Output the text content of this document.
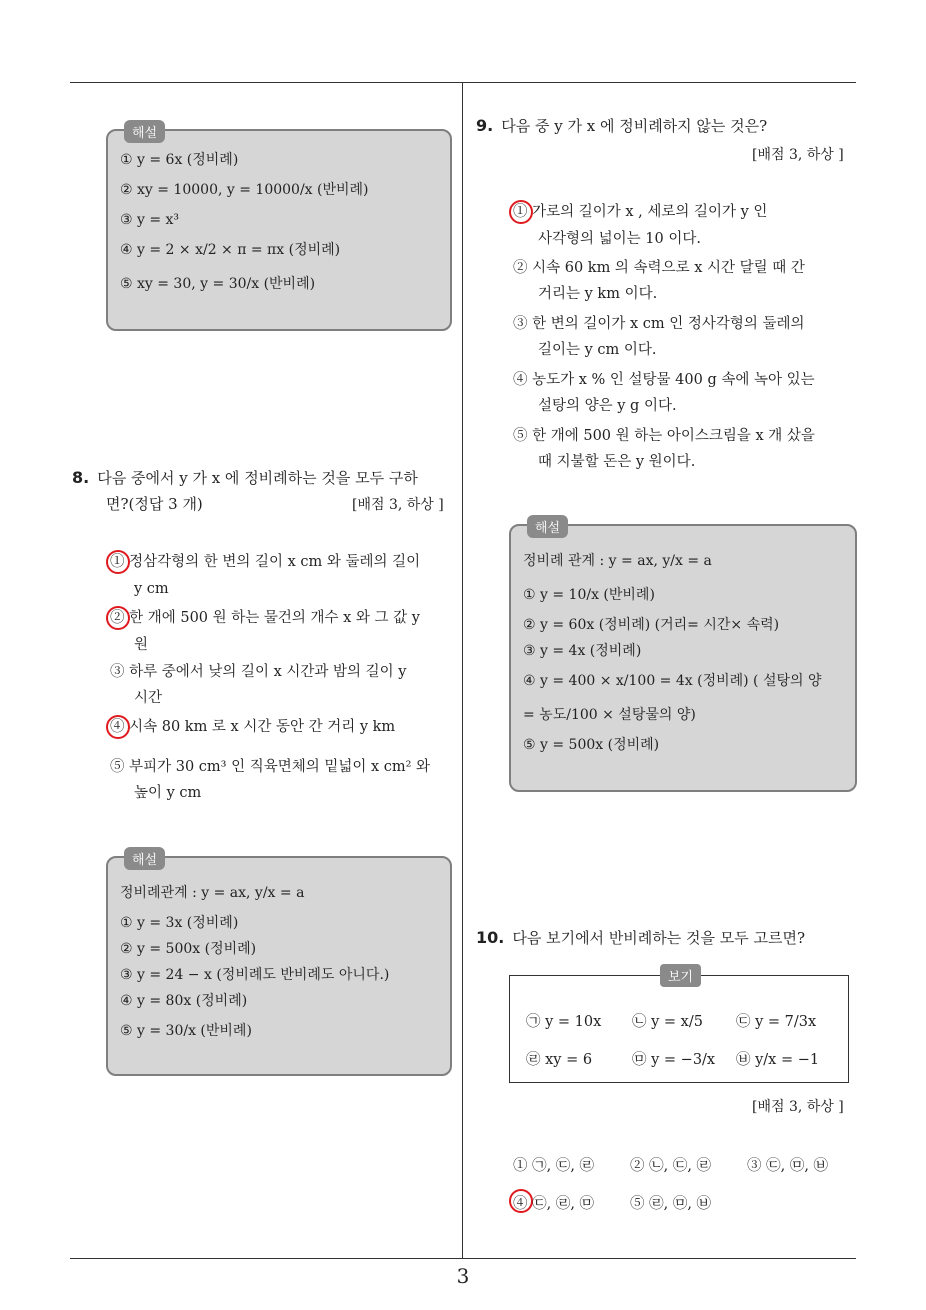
해설
① y = 6x (정비례)
② xy = 10000, y = 10000/x (반비례)
③ y = x³
④ y = 2 × x/2 × π = πx (정비례)
⑤ xy = 30, y = 30/x (반비례)
8. 다음 중에서 y 가 x 에 정비례하는 것을 모두 구하
면?(정답 3 개)	[배점 3, 하상 ]
① 정삼각형의 한 변의 길이 x cm 와 둘레의 길이
y cm
② 한 개에 500 원 하는 물건의 개수 x 와 그 값 y
원
③ 하루 중에서 낮의 길이 x 시간과 밤의 길이 y
시간
④ 시속 80 km 로 x 시간 동안 간 거리 y km
⑤ 부피가 30 cm³ 인 직육면체의 밑넓이 x cm² 와
높이 y cm
해설
정비례관계 : y = ax, y/x = a
① y = 3x (정비례)
② y = 500x (정비례)
③ y = 24 − x (정비례도 반비례도 아니다.)
④ y = 80x (정비례)
⑤ y = 30/x (반비례)
9. 다음 중 y 가 x 에 정비례하지 않는 것은?
[배점 3, 하상 ]
① 가로의 길이가 x , 세로의 길이가 y 인
사각형의 넓이는 10 이다.
② 시속 60 km 의 속력으로 x 시간 달릴 때 간
거리는 y km 이다.
③ 한 변의 길이가 x cm 인 정사각형의 둘레의
길이는 y cm 이다.
④ 농도가 x % 인 설탕물 400 g 속에 녹아 있는
설탕의 양은 y g 이다.
⑤ 한 개에 500 원 하는 아이스크림을 x 개 샀을
때 지불할 돈은 y 원이다.
해설
정비례 관계 : y = ax, y/x = a
① y = 10/x (반비례)
② y = 60x (정비례) (거리= 시간× 속력)
③ y = 4x (정비례)
④ y = 400 × x/100 = 4x (정비례) ( 설탕의 양
= 농도/100 × 설탕물의 양)
⑤ y = 500x (정비례)
10. 다음 보기에서 반비례하는 것을 모두 고르면?
보기
㉠ y = 10x ㉡ y = x/5 ㉢ y = 7/3x
㉣ xy = 6	㉤ y = −3/x ㉥ y/x = −1
[배점 3, 하상 ]
① ㉠, ㉢, ㉣ ② ㉡, ㉢, ㉣ ③ ㉢, ㉤, ㉥
④ ㉢, ㉣, ㉤ ⑤ ㉣, ㉤, ㉥
3
